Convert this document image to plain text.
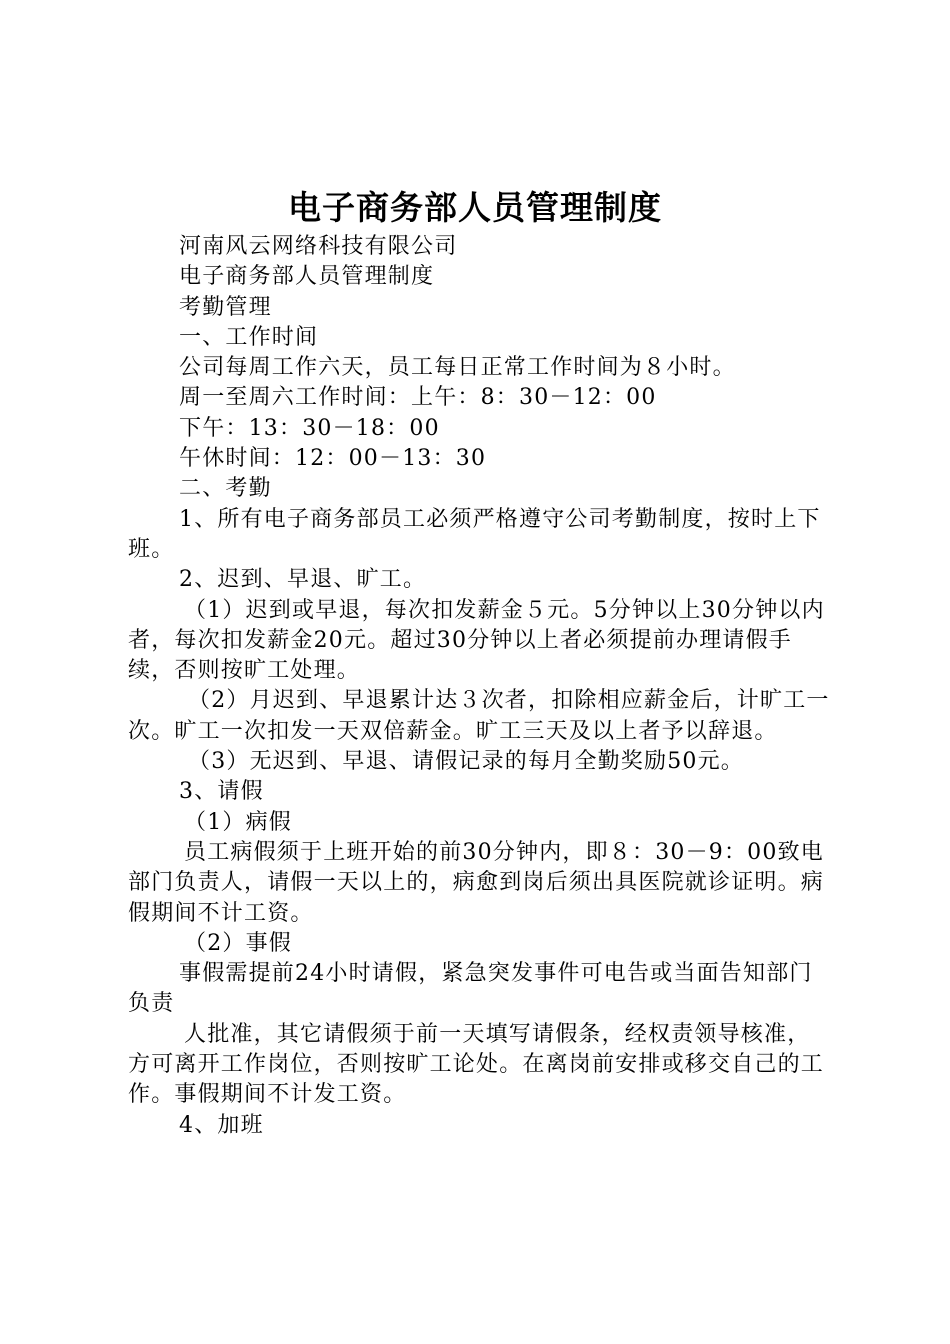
电子商务部人员管理制度

河南风云网络科技有限公司

电子商务部人员管理制度

考勤管理

一、工作时间

公司每周工作六天，员工每日正常工作时间为８小时。

周一至周六工作时间：上午：8：30－12：00

下午：13：30－18：00

午休时间：12：00－13：30

二、考勤

1、所有电子商务部员工必须严格遵守公司考勤制度，按时上下班。

2、迟到、早退、旷工。

（1）迟到或早退，每次扣发薪金５元。5分钟以上30分钟以内者，每次扣发薪金20元。超过30分钟以上者必须提前办理请假手续，否则按旷工处理。

（2）月迟到、早退累计达３次者，扣除相应薪金后，计旷工一次。旷工一次扣发一天双倍薪金。旷工三天及以上者予以辞退。

（3）无迟到、早退、请假记录的每月全勤奖励50元。

3、请假

（1）病假

员工病假须于上班开始的前30分钟内，即８：30－9：00致电部门负责人，请假一天以上的，病愈到岗后须出具医院就诊证明。病假期间不计工资。

（2）事假

事假需提前24小时请假，紧急突发事件可电告或当面告知部门负责

人批准，其它请假须于前一天填写请假条，经权责领导核准，方可离开工作岗位，否则按旷工论处。在离岗前安排或移交自己的工作。事假期间不计发工资。

4、加班
